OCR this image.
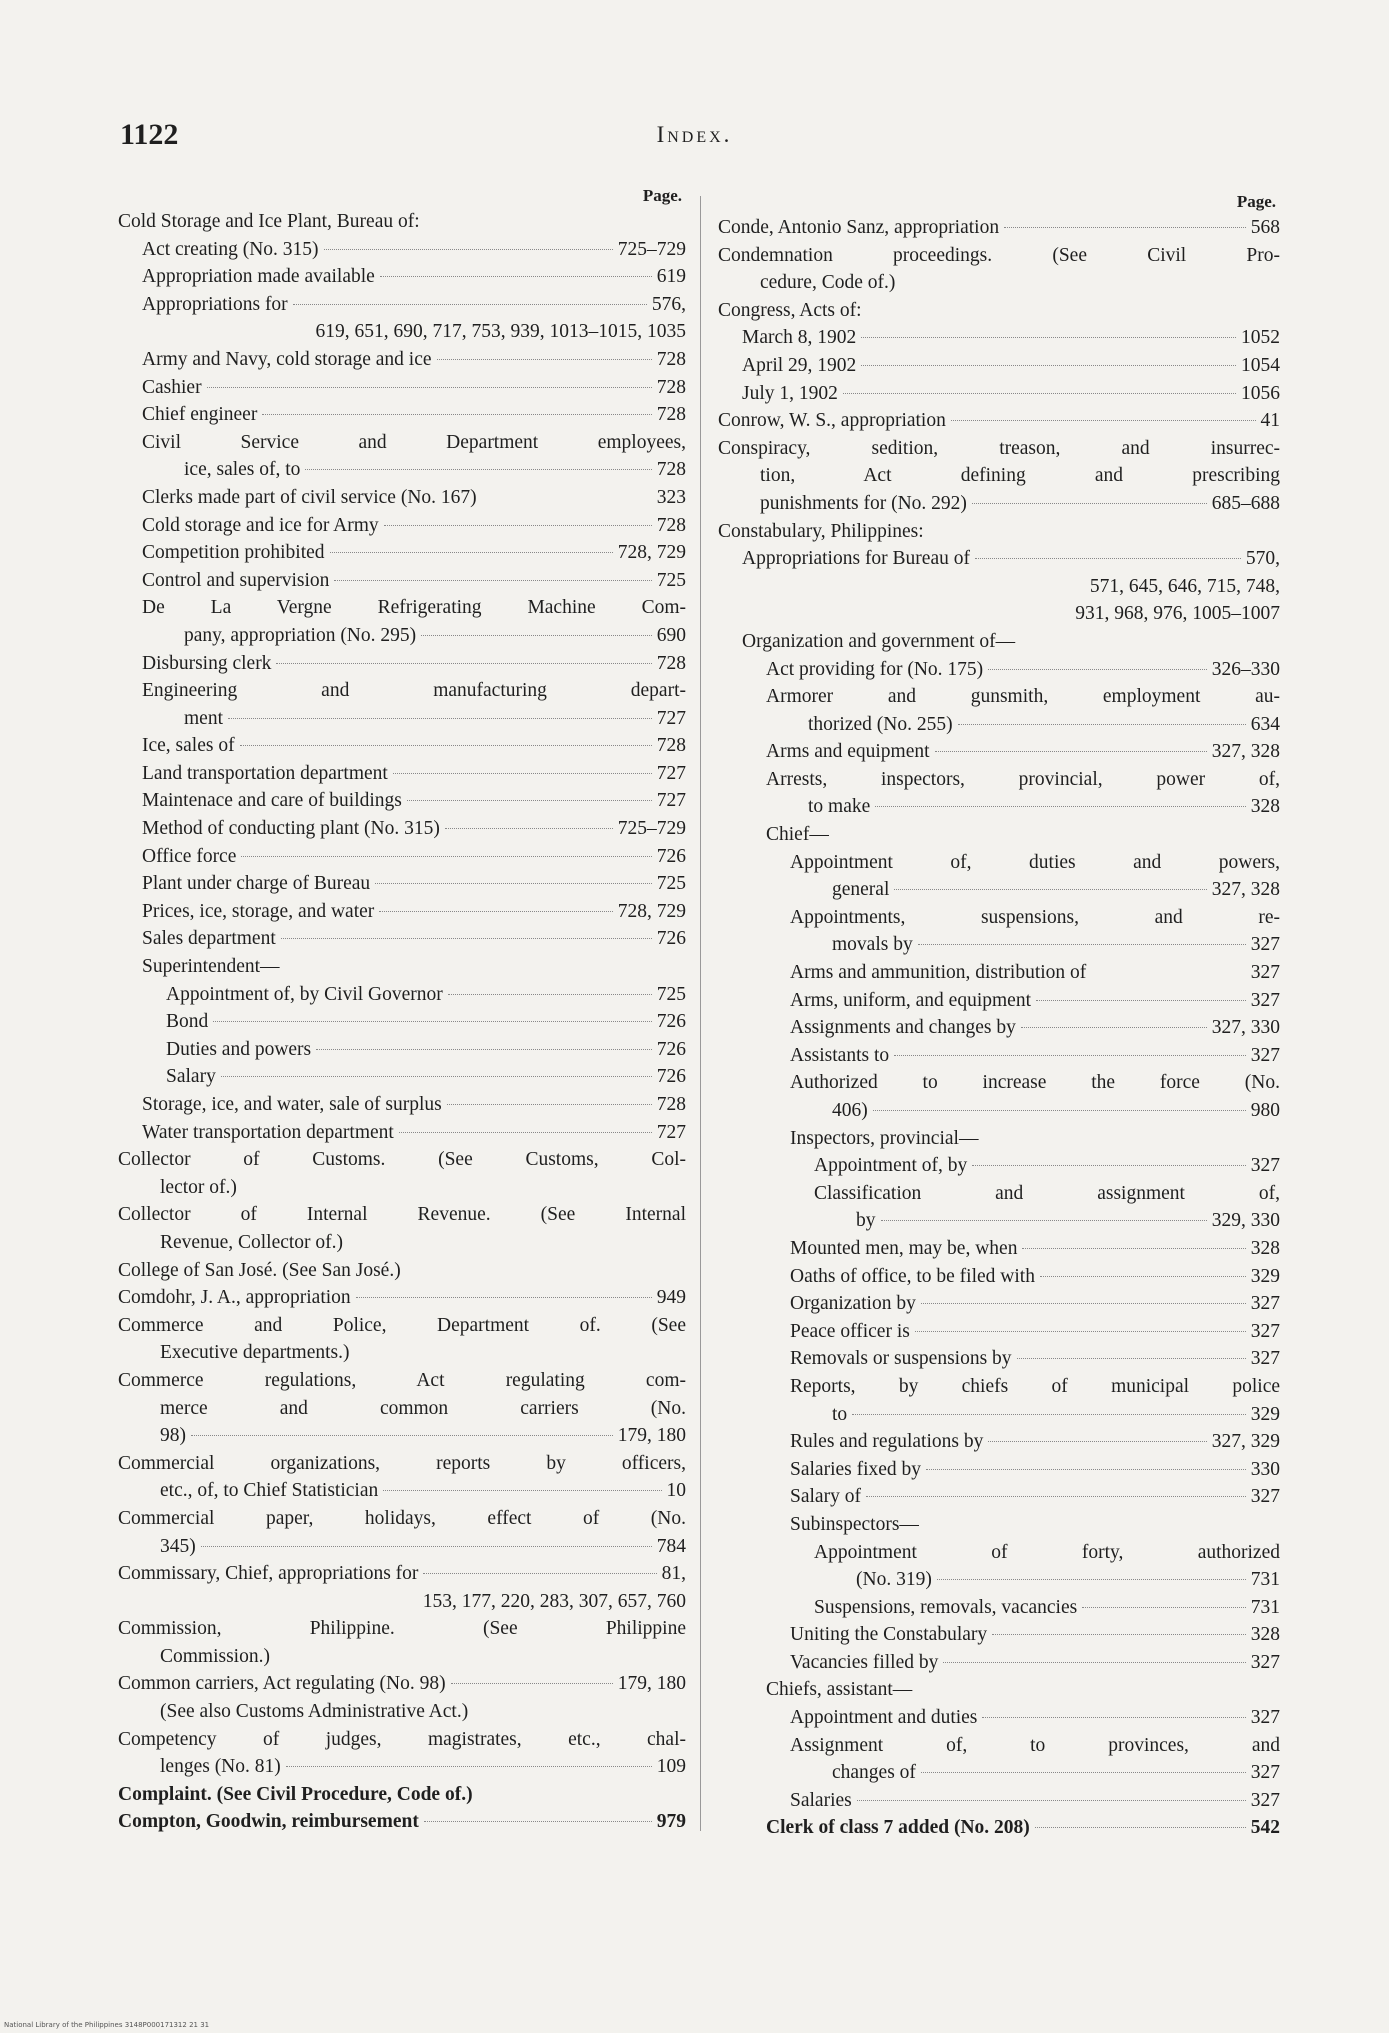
1122	Index.
Page.
Cold Storage and Ice Plant, Bureau of:
Act creating (No. 315)	725–729
Appropriation made available	619
Appropriations for	576,
619, 651, 690, 717, 753, 939, 1013–1015, 1035
Army and Navy, cold storage and ice	728
Cashier	728
Chief engineer	728
Civil Service and Department employees,
ice, sales of, to	728
Clerks made part of civil service (No. 167)	323
Cold storage and ice for Army	728
Competition prohibited	728, 729
Control and supervision	725
De La Vergne Refrigerating Machine Com-
pany, appropriation (No. 295)	690
Disbursing clerk	728
Engineering and manufacturing depart-
ment	727
Ice, sales of	728
Land transportation department	727
Maintenace and care of buildings	727
Method of conducting plant (No. 315)	725–729
Office force	726
Plant under charge of Bureau	725
Prices, ice, storage, and water	728, 729
Sales department	726
Superintendent—
Appointment of, by Civil Governor	725
Bond	726
Duties and powers	726
Salary	726
Storage, ice, and water, sale of surplus	728
Water transportation department	727
Collector of Customs. (See Customs, Col-
lector of.)
Collector of Internal Revenue. (See Internal
Revenue, Collector of.)
College of San José. (See San José.)
Comdohr, J. A., appropriation	949
Commerce and Police, Department of. (See
Executive departments.)
Commerce regulations, Act regulating com-
merce and common carriers (No.
98)	179, 180
Commercial organizations, reports by officers,
etc., of, to Chief Statistician	10
Commercial paper, holidays, effect of (No.
345)	784
Commissary, Chief, appropriations for	81,
153, 177, 220, 283, 307, 657, 760
Commission, Philippine. (See Philippine
Commission.)
Common carriers, Act regulating (No. 98)	179, 180
(See also Customs Administrative Act.)
Competency of judges, magistrates, etc., chal-
lenges (No. 81)	109
Complaint. (See Civil Procedure, Code of.)
Compton, Goodwin, reimbursement	979
Page.
Conde, Antonio Sanz, appropriation	568
Condemnation proceedings. (See Civil Pro-
cedure, Code of.)
Congress, Acts of:
March 8, 1902	1052
April 29, 1902	1054
July 1, 1902	1056
Conrow, W. S., appropriation	41
Conspiracy, sedition, treason, and insurrec-
tion, Act defining and prescribing
punishments for (No. 292)	685–688
Constabulary, Philippines:
Appropriations for Bureau of	570,
571, 645, 646, 715, 748,
931, 968, 976, 1005–1007
Organization and government of—
Act providing for (No. 175)	326–330
Armorer and gunsmith, employment au-
thorized (No. 255)	634
Arms and equipment	327, 328
Arrests, inspectors, provincial, power of,
to make	328
Chief—
Appointment of, duties and powers,
general	327, 328
Appointments, suspensions, and re-
movals by	327
Arms and ammunition, distribution of	327
Arms, uniform, and equipment	327
Assignments and changes by	327, 330
Assistants to	327
Authorized to increase the force (No.
406)	980
Inspectors, provincial—
Appointment of, by	327
Classification and assignment of,
by	329, 330
Mounted men, may be, when	328
Oaths of office, to be filed with	329
Organization by	327
Peace officer is	327
Removals or suspensions by	327
Reports, by chiefs of municipal police
to	329
Rules and regulations by	327, 329
Salaries fixed by	330
Salary of	327
Subinspectors—
Appointment of forty, authorized
(No. 319)	731
Suspensions, removals, vacancies	731
Uniting the Constabulary	328
Vacancies filled by	327
Chiefs, assistant—
Appointment and duties	327
Assignment of, to provinces, and
changes of	327
Salaries	327
Clerk of class 7 added (No. 208)	542
National Library of the Philippines 3148P000171312 21 31
